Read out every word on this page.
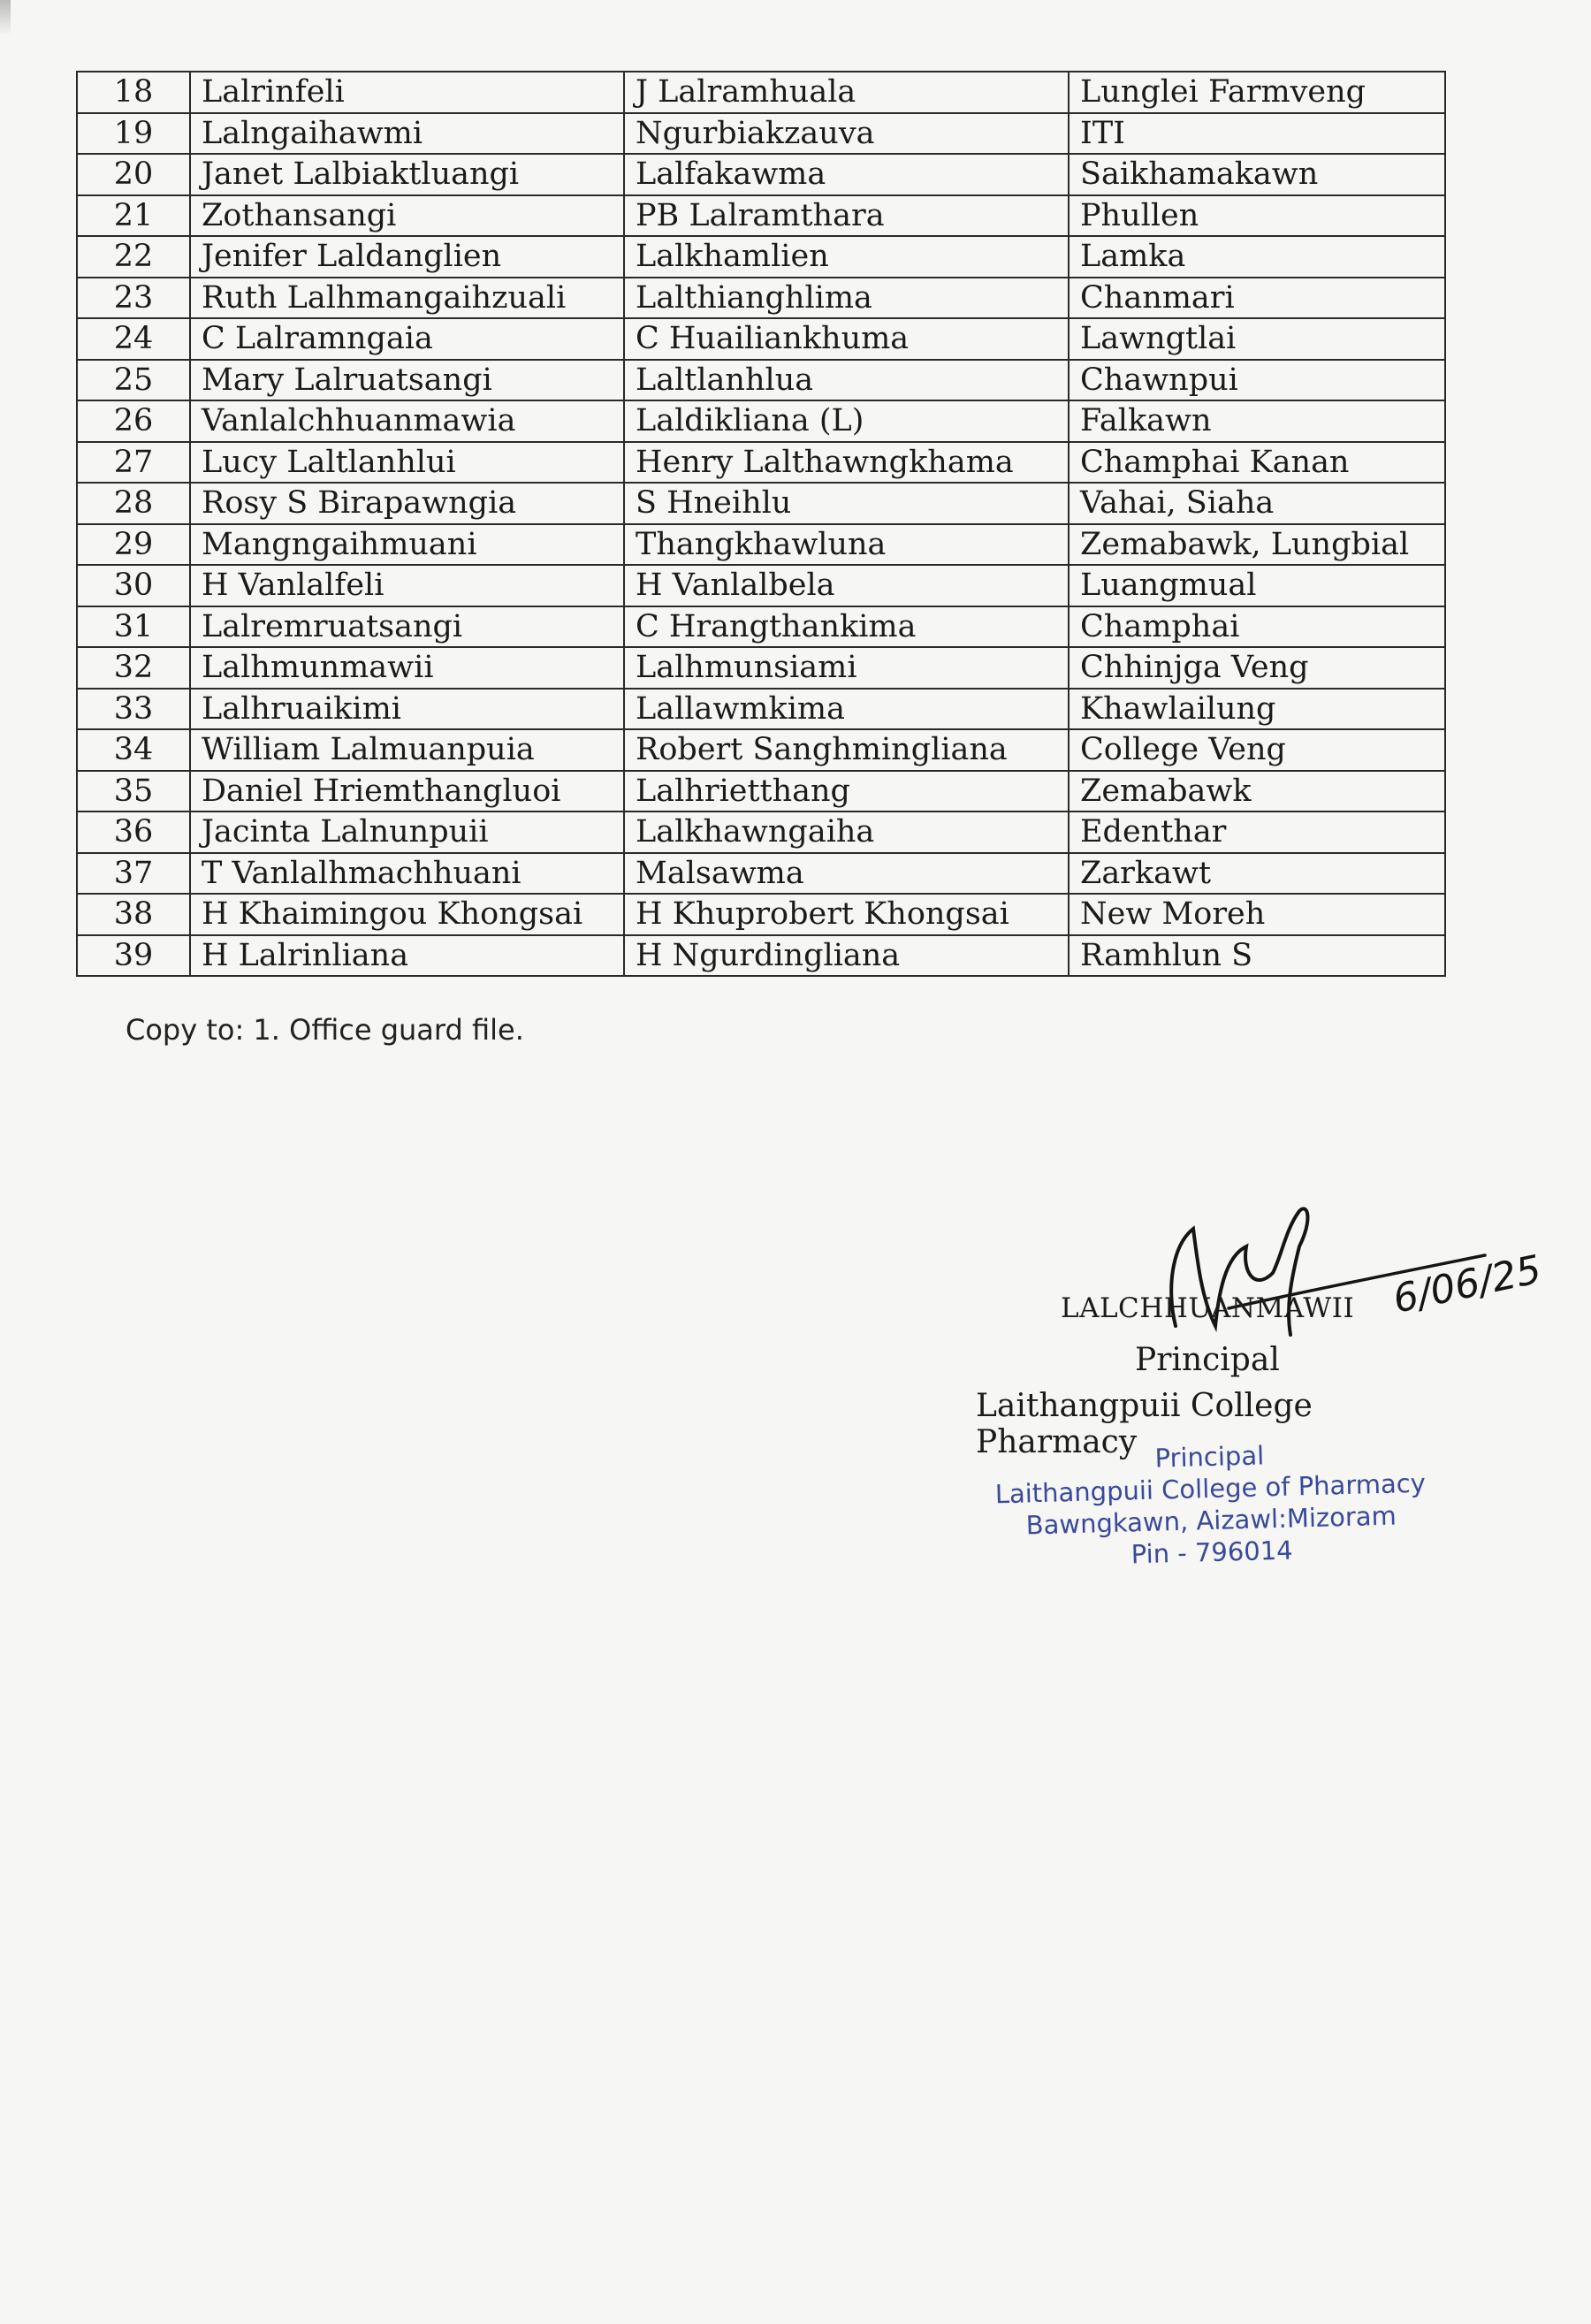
18	Lalrinfeli	J Lalramhuala	Lunglei Farmveng
19	Lalngaihawmi	Ngurbiakzauva	ITI
20	Janet Lalbiaktluangi	Lalfakawma	Saikhamakawn
21	Zothansangi	PB Lalramthara	Phullen
22	Jenifer Laldanglien	Lalkhamlien	Lamka
23	Ruth Lalhmangaihzuali	Lalthianghlima	Chanmari
24	C Lalramngaia	C Huailiankhuma	Lawngtlai
25	Mary Lalruatsangi	Laltlanhlua	Chawnpui
26	Vanlalchhuanmawia	Laldikliana (L)	Falkawn
27	Lucy Laltlanhlui	Henry Lalthawngkhama	Champhai Kanan
28	Rosy S Birapawngia	S Hneihlu	Vahai, Siaha
29	Mangngaihmuani	Thangkhawluna	Zemabawk, Lungbial
30	H Vanlalfeli	H Vanlalbela	Luangmual
31	Lalremruatsangi	C Hrangthankima	Champhai
32	Lalhmunmawii	Lalhmunsiami	Chhinjga Veng
33	Lalhruaikimi	Lallawmkima	Khawlailung
34	William Lalmuanpuia	Robert Sanghmingliana	College Veng
35	Daniel Hriemthangluoi	Lalhrietthang	Zemabawk
36	Jacinta Lalnunpuii	Lalkhawngaiha	Edenthar
37	T Vanlalhmachhuani	Malsawma	Zarkawt
38	H Khaimingou Khongsai	H Khuprobert Khongsai	New Moreh
39	H Lalrinliana	H Ngurdingliana	Ramhlun S
Copy to: 1. Office guard file.
6/06/25
LALCHHUANMAWII
Principal
Laithangpuii College Pharmacy Principal
Laithangpuii College of Pharmacy
Bawngkawn, Aizawl:Mizoram
Pin - 796014
